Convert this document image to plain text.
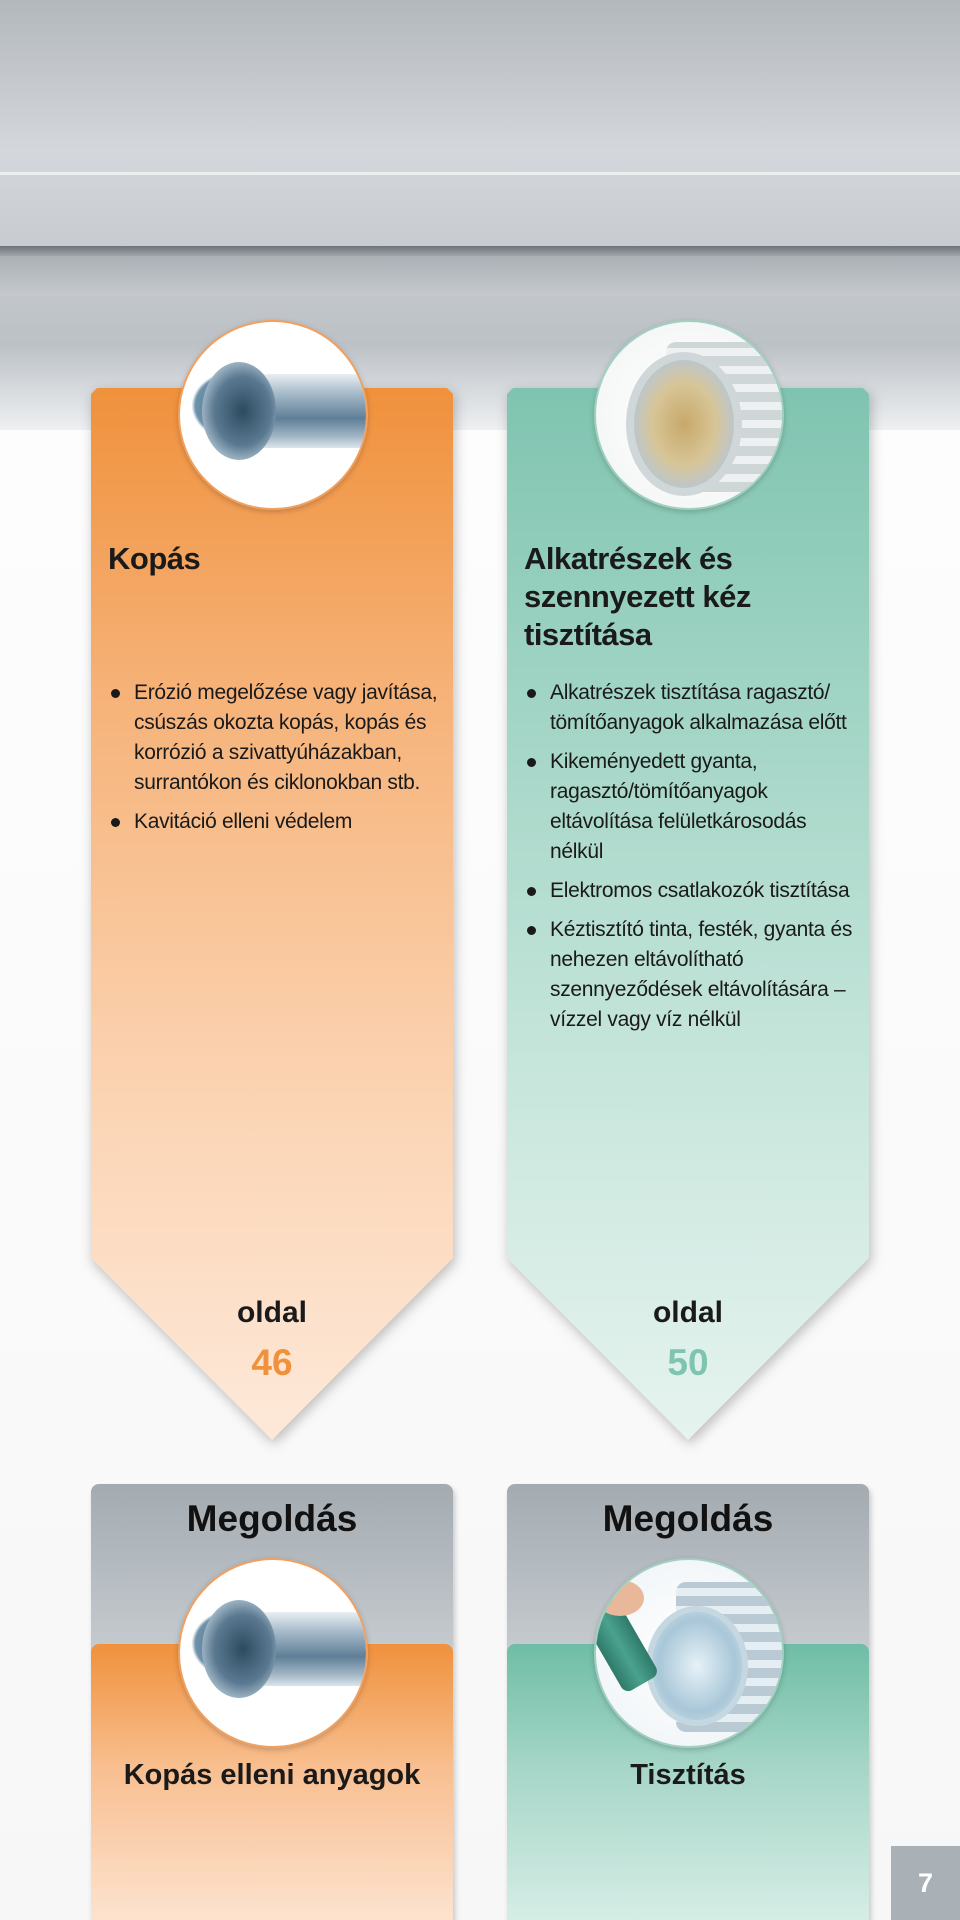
Kopás
Erózió megelőzése vagy javítása, csúszás okozta kopás, kopás és korrózió a szivattyúházakban, surrantókon és ciklonokban stb.
Kavitáció elleni védelem
oldal
46
Alkatrészek és szennyezett kéz tisztítása
Alkatrészek tisztítása ragasztó/ tömítőanyagok alkalmazása előtt
Kikeményedett gyanta, ragasztó/tömítőanyagok eltávolítása felületkárosodás nélkül
Elektromos csatlakozók tisztítása
Kéztisztító tinta, festék, gyanta és nehezen eltávolítható szennyeződések eltávolítására – vízzel vagy víz nélkül
oldal
50
Megoldás
Kopás elleni anyagok
Megoldás
Tisztítás
7
